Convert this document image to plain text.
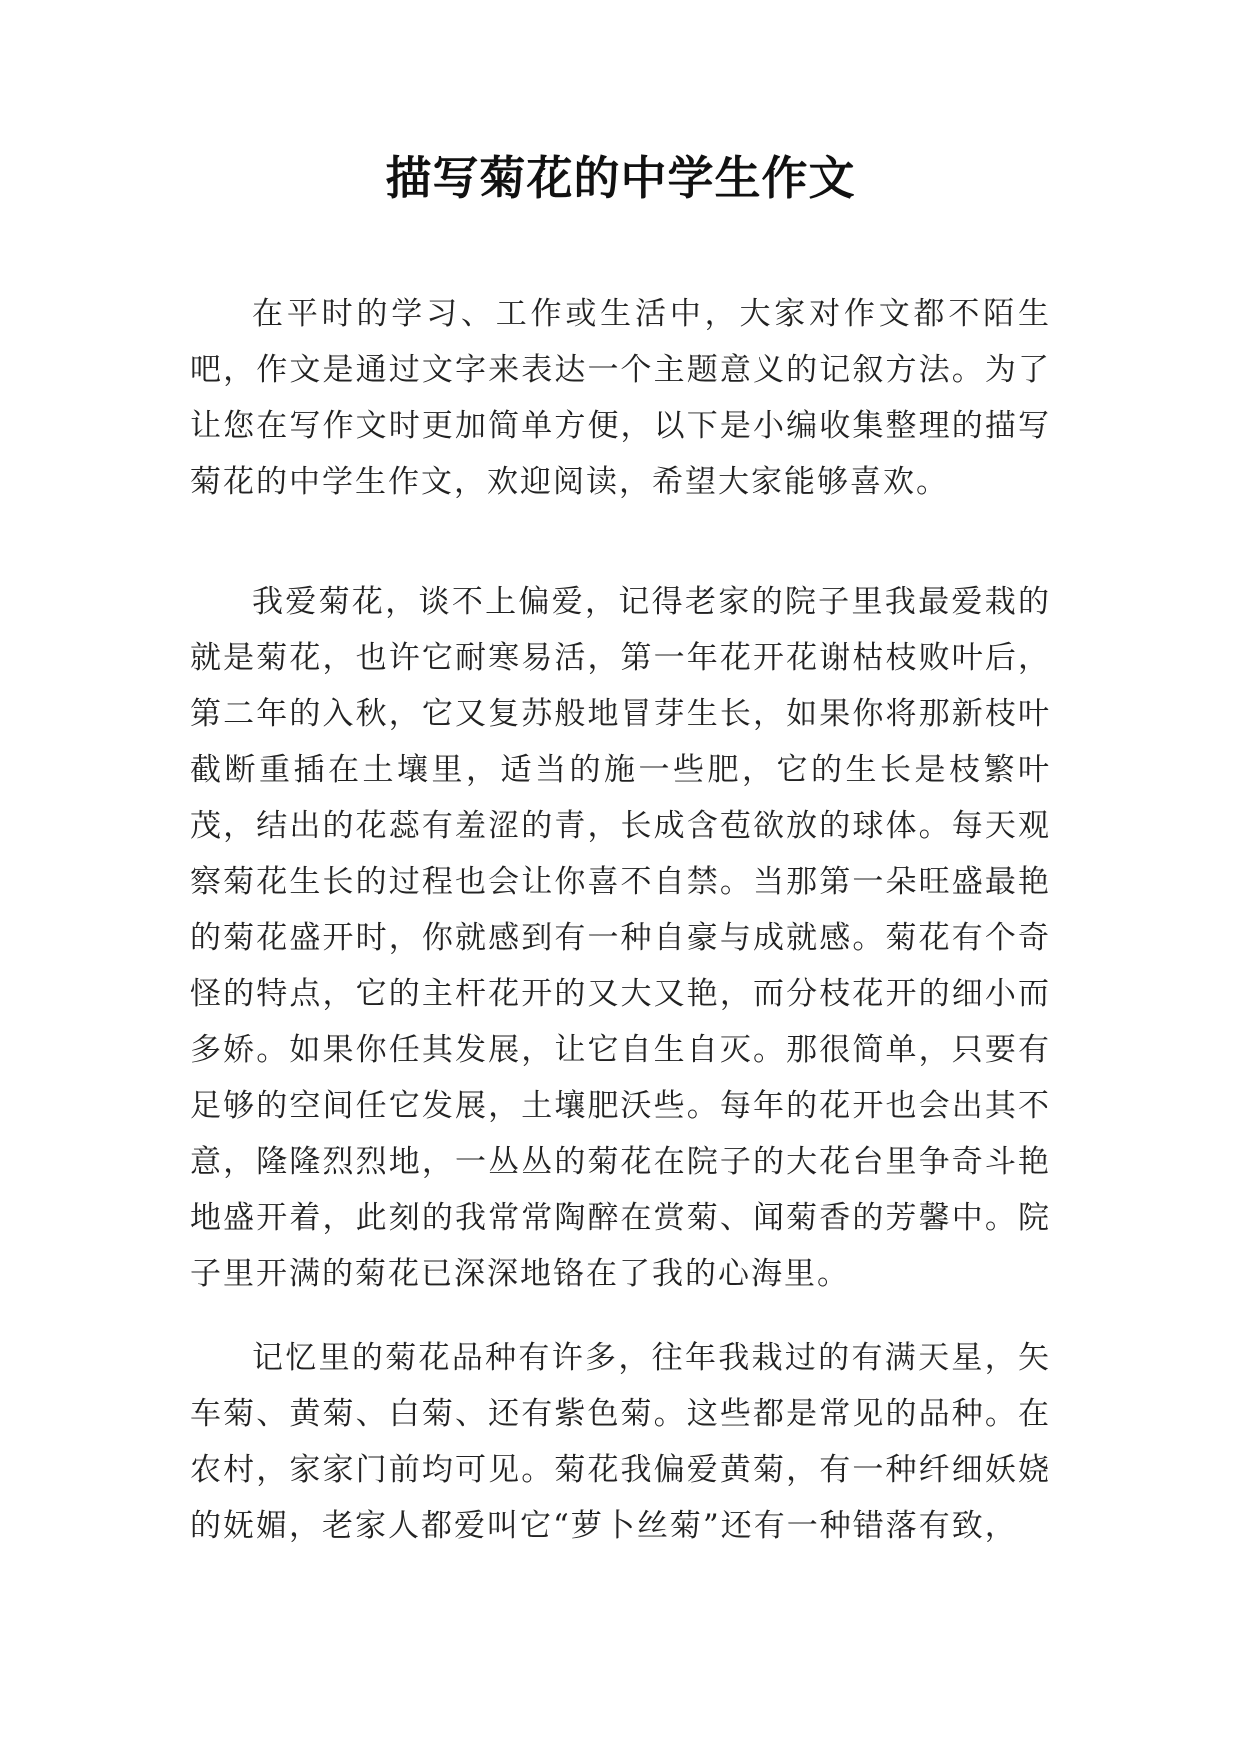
描写菊花的中学生作文

在平时的学习、工作或生活中，大家对作文都不陌生吧，作文是通过文字来表达一个主题意义的记叙方法。为了让您在写作文时更加简单方便，以下是小编收集整理的描写菊花的中学生作文，欢迎阅读，希望大家能够喜欢。

我爱菊花，谈不上偏爱，记得老家的院子里我最爱栽的就是菊花，也许它耐寒易活，第一年花开花谢枯枝败叶后，第二年的入秋，它又复苏般地冒芽生长，如果你将那新枝叶截断重插在土壤里，适当的施一些肥，它的生长是枝繁叶茂，结出的花蕊有羞涩的青，长成含苞欲放的球体。每天观察菊花生长的过程也会让你喜不自禁。当那第一朵旺盛最艳的菊花盛开时，你就感到有一种自豪与成就感。菊花有个奇怪的特点，它的主杆花开的又大又艳，而分枝花开的细小而多娇。如果你任其发展，让它自生自灭。那很简单，只要有足够的空间任它发展，土壤肥沃些。每年的花开也会出其不意，隆隆烈烈地，一丛丛的菊花在院子的大花台里争奇斗艳地盛开着，此刻的我常常陶醉在赏菊、闻菊香的芳馨中。院子里开满的菊花已深深地铬在了我的心海里。

记忆里的菊花品种有许多，往年我栽过的有满天星，矢车菊、黄菊、白菊、还有紫色菊。这些都是常见的品种。在农村，家家门前均可见。菊花我偏爱黄菊，有一种纤细妖娆的妩媚，老家人都爱叫它“萝卜丝菊”还有一种错落有致，
